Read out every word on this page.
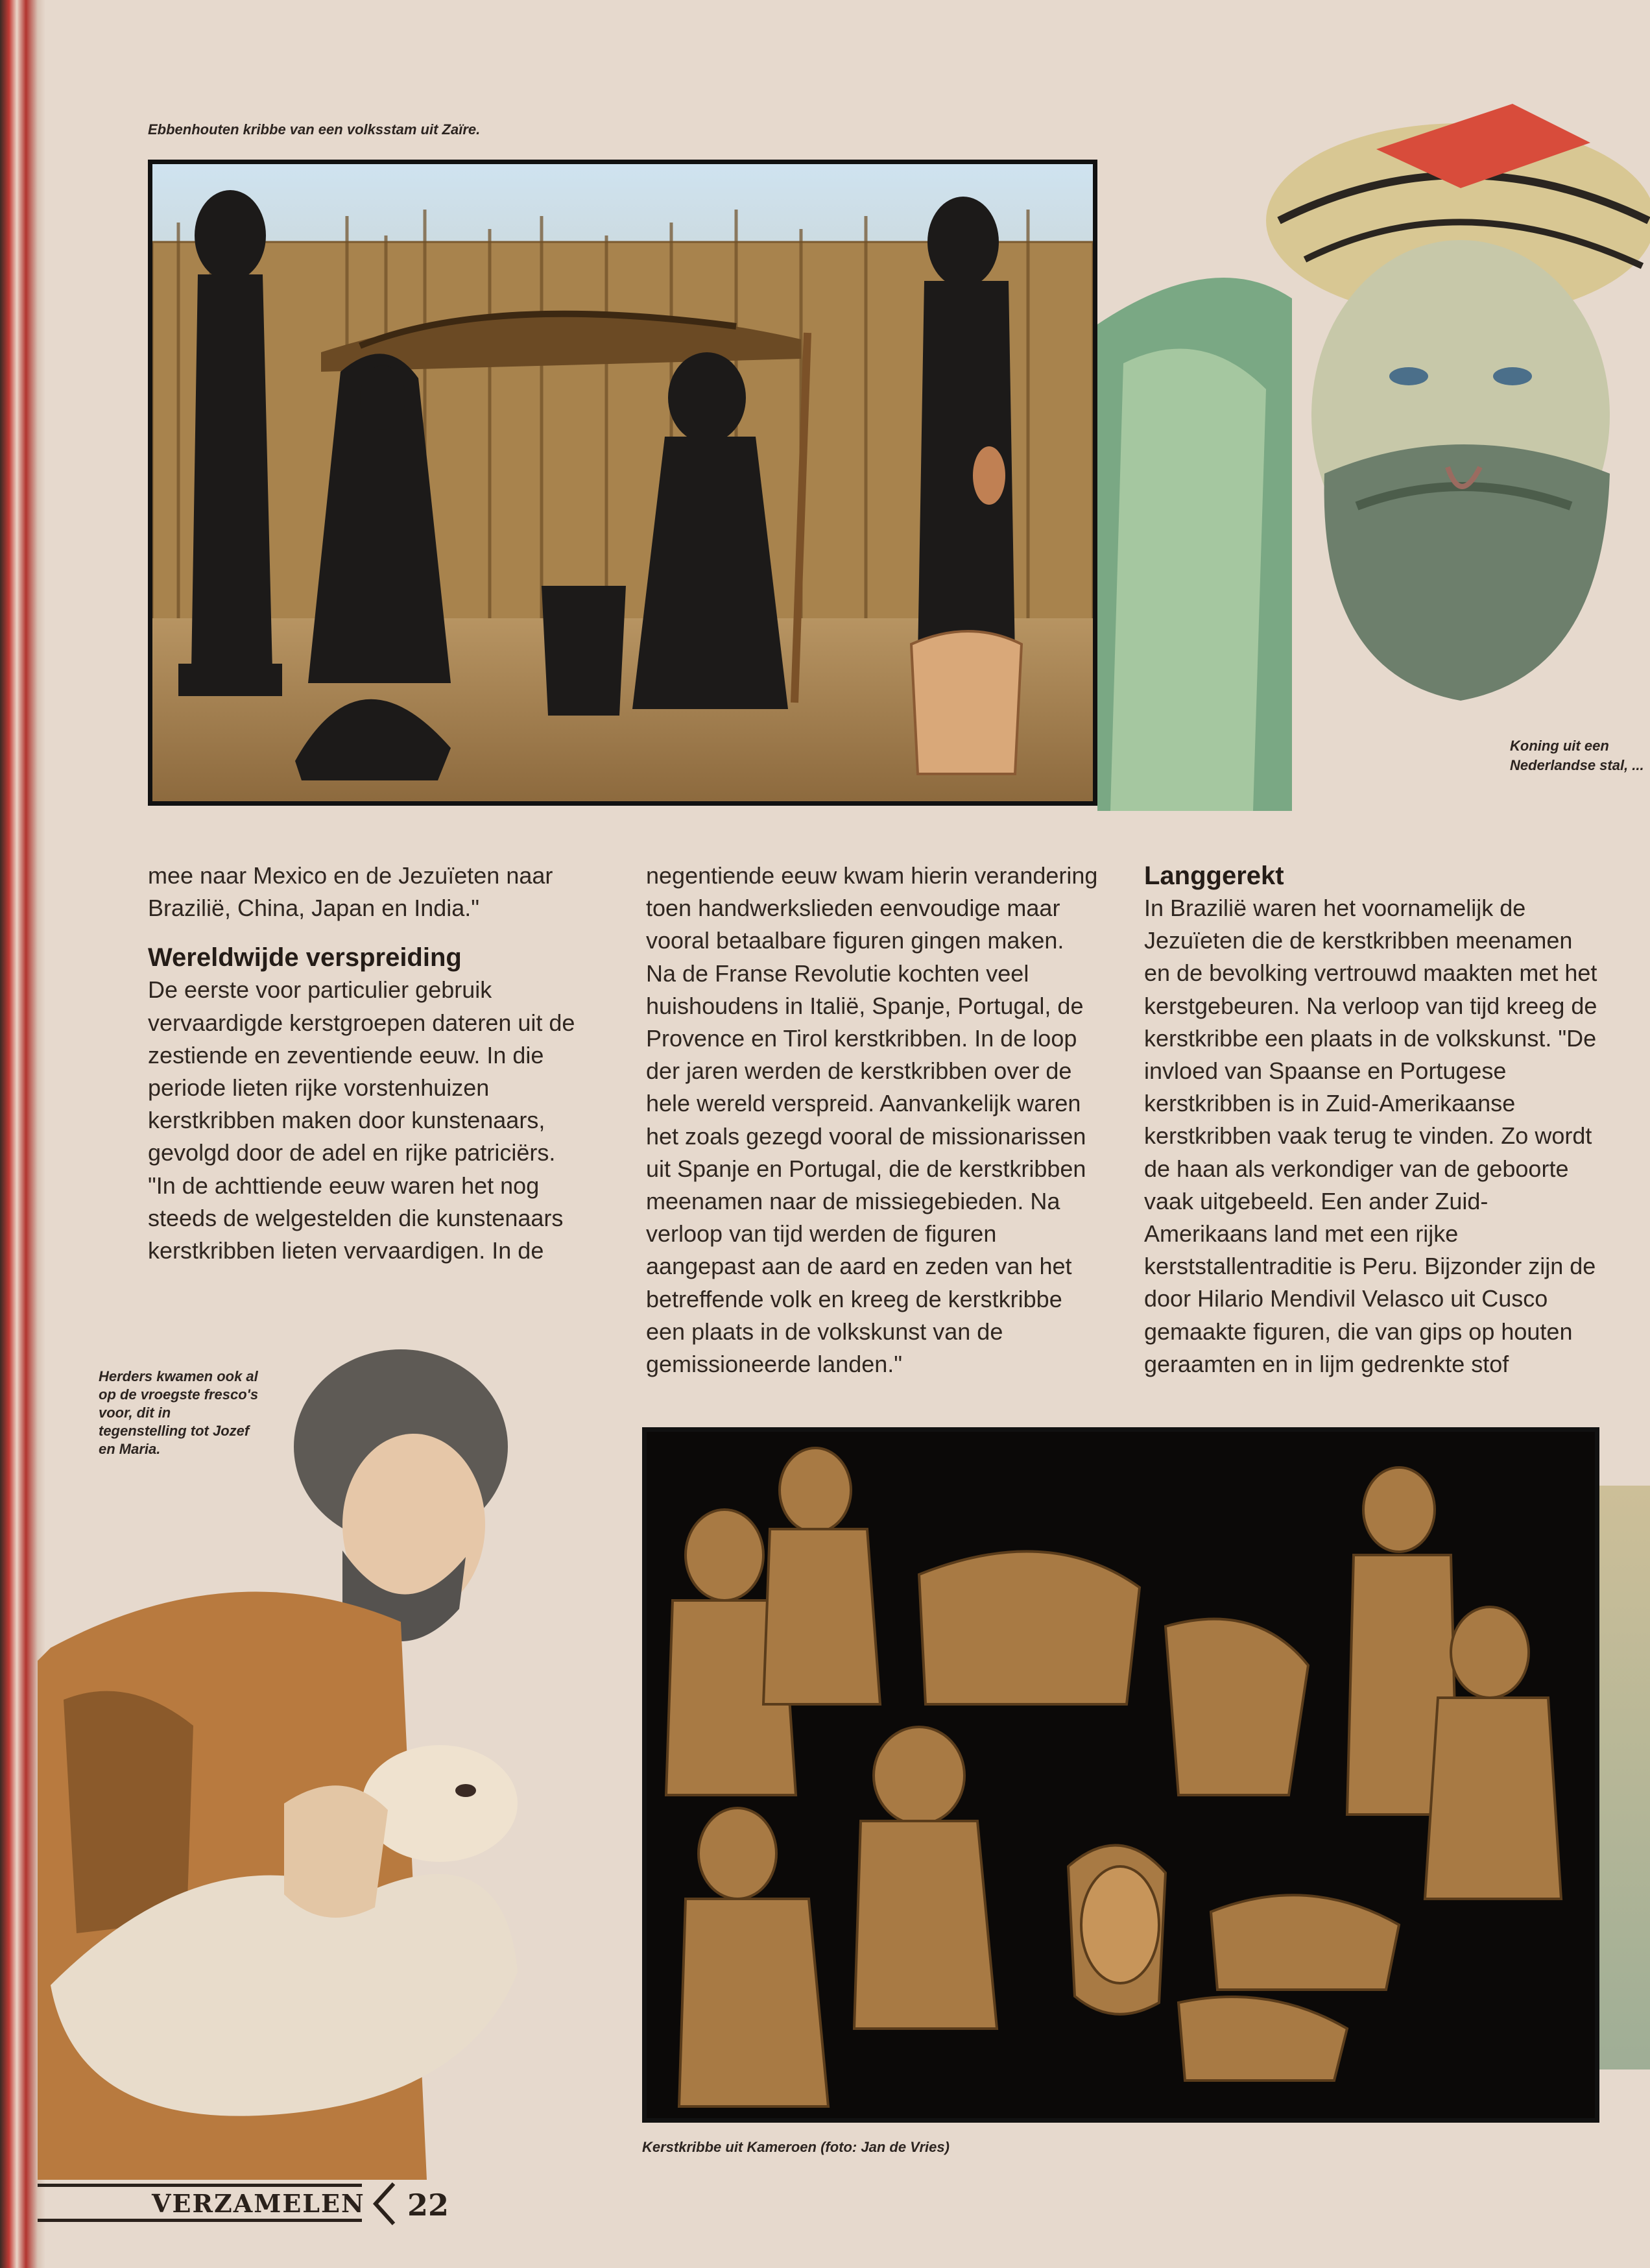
Ebbenhouten kribbe van een volksstam uit Zaïre.
Koning uit een
Nederlandse stal, ...

mee naar Mexico en de Jezuïeten naar Brazilië, China, Japan en India."

Wereldwijde verspreiding

De eerste voor particulier gebruik vervaardigde kerstgroepen dateren uit de zestiende en zeventiende eeuw. In die periode lieten rijke vorstenhuizen kerstkribben maken door kunstenaars, gevolgd door de adel en rijke patriciërs. "In de achttiende eeuw waren het nog steeds de welgestelden die kunstenaars kerstkribben lieten vervaardigen. In de

negentiende eeuw kwam hierin verandering toen handwerkslieden eenvoudige maar vooral betaalbare figuren gingen maken. Na de Franse Revolutie kochten veel huishoudens in Italië, Spanje, Portugal, de Provence en Tirol kerstkribben. In de loop der jaren werden de kerstkribben over de hele wereld verspreid. Aanvankelijk waren het zoals gezegd vooral de missionarissen uit Spanje en Portugal, die de kerstkribben meenamen naar de missiegebieden. Na verloop van tijd werden de figuren aangepast aan de aard en zeden van het betreffende volk en kreeg de kerstkribbe een plaats in de volkskunst van de gemissioneerde landen."

Langgerekt

In Brazilië waren het voornamelijk de Jezuïeten die de kerstkribben meenamen en de bevolking vertrouwd maakten met het kerstgebeuren. Na verloop van tijd kreeg de kerstkribbe een plaats in de volkskunst. "De invloed van Spaanse en Portugese kerstkribben is in Zuid-Amerikaanse kerstkribben vaak terug te vinden. Zo wordt de haan als verkondiger van de geboorte vaak uitgebeeld. Een ander Zuid-Amerikaans land met een rijke kerststallentraditie is Peru. Bijzonder zijn de door Hilario Mendivil Velasco uit Cusco gemaakte figuren, die van gips op houten geraamten en in lijm gedrenkte stof

Herders kwamen ook al op de vroegste fresco's voor, dit in tegenstelling tot Jozef en Maria.
Kerstkribbe uit Kameroen (foto: Jan de Vries)
VERZAMELEN 22
